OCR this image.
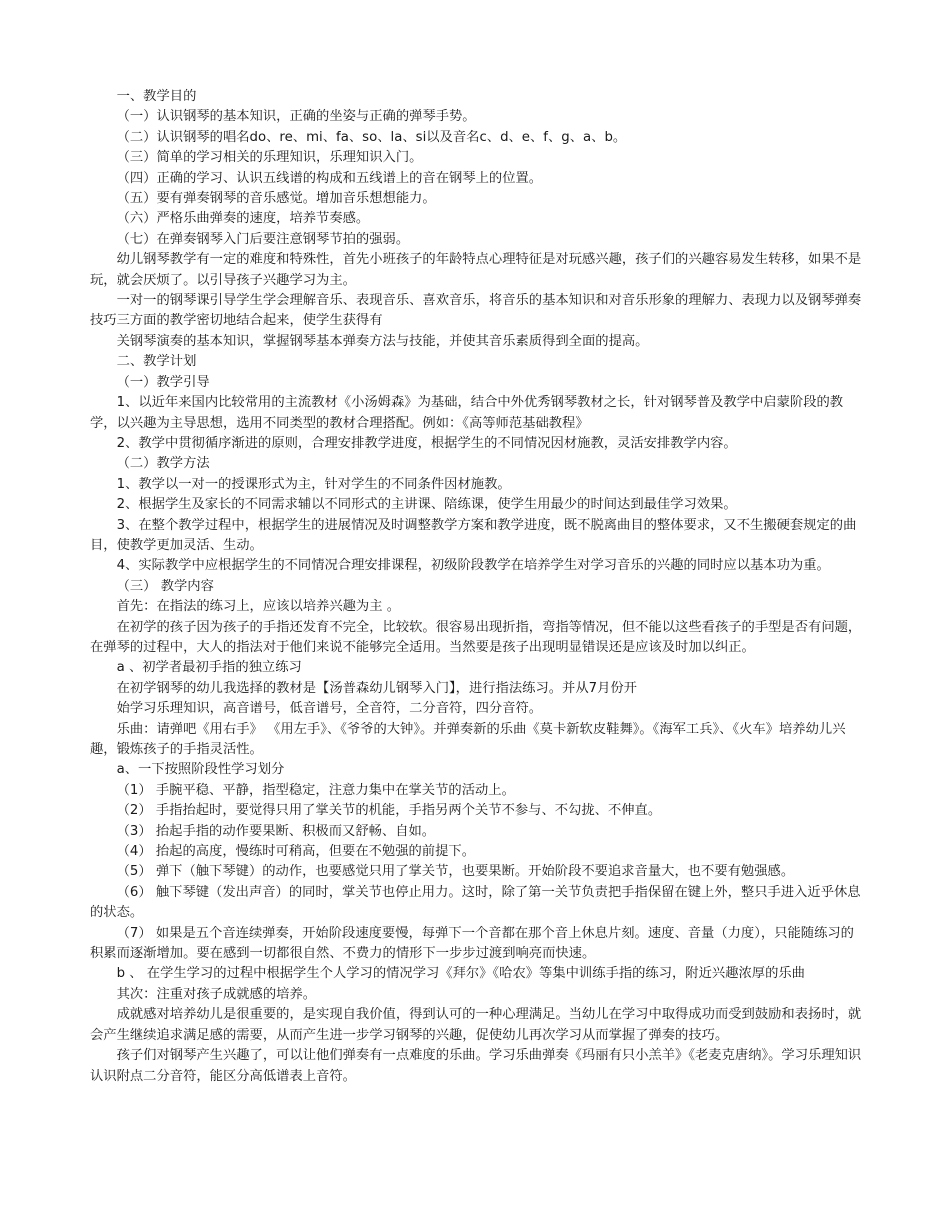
一、教学目的

（一）认识钢琴的基本知识，正确的坐姿与正确的弹琴手势。

（二）认识钢琴的唱名do、re、mi、fa、so、la、si以及音名c、d、e、f、g、a、b。

（三）简单的学习相关的乐理知识，乐理知识入门。

（四）正确的学习、认识五线谱的构成和五线谱上的音在钢琴上的位置。

（五）要有弹奏钢琴的音乐感觉。增加音乐想想能力。

（六）严格乐曲弹奏的速度，培养节奏感。

（七）在弹奏钢琴入门后要注意钢琴节拍的强弱。

幼儿钢琴教学有一定的难度和特殊性，首先小班孩子的年龄特点心理特征是对玩感兴趣，孩子们的兴趣容易发生转移，如果不是玩，就会厌烦了。以引导孩子兴趣学习为主。

一对一的钢琴课引导学生学会理解音乐、表现音乐、喜欢音乐，将音乐的基本知识和对音乐形象的理解力、表现力以及钢琴弹奏技巧三方面的教学密切地结合起来，使学生获得有

关钢琴演奏的基本知识，掌握钢琴基本弹奏方法与技能，并使其音乐素质得到全面的提高。

二、教学计划

（一）教学引导

1、以近年来国内比较常用的主流教材《小汤姆森》为基础，结合中外优秀钢琴教材之长，针对钢琴普及教学中启蒙阶段的教学，以兴趣为主导思想，选用不同类型的教材合理搭配。例如：《高等师范基础教程》

2、教学中贯彻循序渐进的原则，合理安排教学进度，根据学生的不同情况因材施教，灵活安排教学内容。

（二）教学方法

1、教学以一对一的授课形式为主，针对学生的不同条件因材施教。

2、根据学生及家长的不同需求辅以不同形式的主讲课、陪练课，使学生用最少的时间达到最佳学习效果。

3、在整个教学过程中，根据学生的进展情况及时调整教学方案和教学进度，既不脱离曲目的整体要求，又不生搬硬套规定的曲目，使教学更加灵活、生动。

4、实际教学中应根据学生的不同情况合理安排课程，初级阶段教学在培养学生对学习音乐的兴趣的同时应以基本功为重。

（三） 教学内容

首先：在指法的练习上，应该以培养兴趣为主 。

在初学的孩子因为孩子的手指还发育不完全，比较软。很容易出现折指，弯指等情况，但不能以这些看孩子的手型是否有问题，在弹琴的过程中，大人的指法对于他们来说不能够完全适用。当然要是孩子出现明显错误还是应该及时加以纠正。

a 、初学者最初手指的独立练习

在初学钢琴的幼儿我选择的教材是【汤普森幼儿钢琴入门】，进行指法练习。并从7月份开

始学习乐理知识，高音谱号，低音谱号，全音符，二分音符，四分音符。

乐曲：请弹吧《用右手》 《用左手》、《爷爷的大钟》。并弹奏新的乐曲《莫卡新软皮鞋舞》。《海军工兵》、《火车》培养幼儿兴趣，锻炼孩子的手指灵活性。

a、一下按照阶段性学习划分

（1） 手腕平稳、平静，指型稳定，注意力集中在掌关节的活动上。

（2） 手指抬起时，要觉得只用了掌关节的机能，手指另两个关节不参与、不勾拢、不伸直。

（3） 抬起手指的动作要果断、积极而又舒畅、自如。

（4） 抬起的高度，慢练时可稍高，但要在不勉强的前提下。

（5） 弹下（触下琴键）的动作，也要感觉只用了掌关节，也要果断。开始阶段不要追求音量大，也不要有勉强感。

（6） 触下琴键（发出声音）的同时，掌关节也停止用力。这时，除了第一关节负责把手指保留在键上外，整只手进入近乎休息的状态。

（7） 如果是五个音连续弹奏，开始阶段速度要慢，每弹下一个音都在那个音上休息片刻。速度、音量（力度），只能随练习的积累而逐渐增加。要在感到一切都很自然、不费力的情形下一步步过渡到响亮而快速。

b 、 在学生学习的过程中根据学生个人学习的情况学习《拜尔》《哈农》等集中训练手指的练习，附近兴趣浓厚的乐曲

其次：注重对孩子成就感的培养。

成就感对培养幼儿是很重要的，是实现自我价值，得到认可的一种心理满足。当幼儿在学习中取得成功而受到鼓励和表扬时，就会产生继续追求满足感的需要，从而产生进一步学习钢琴的兴趣，促使幼儿再次学习从而掌握了弹奏的技巧。

孩子们对钢琴产生兴趣了，可以让他们弹奏有一点难度的乐曲。学习乐曲弹奏《玛丽有只小羔羊》《老麦克唐纳》。学习乐理知识认识附点二分音符，能区分高低谱表上音符。
